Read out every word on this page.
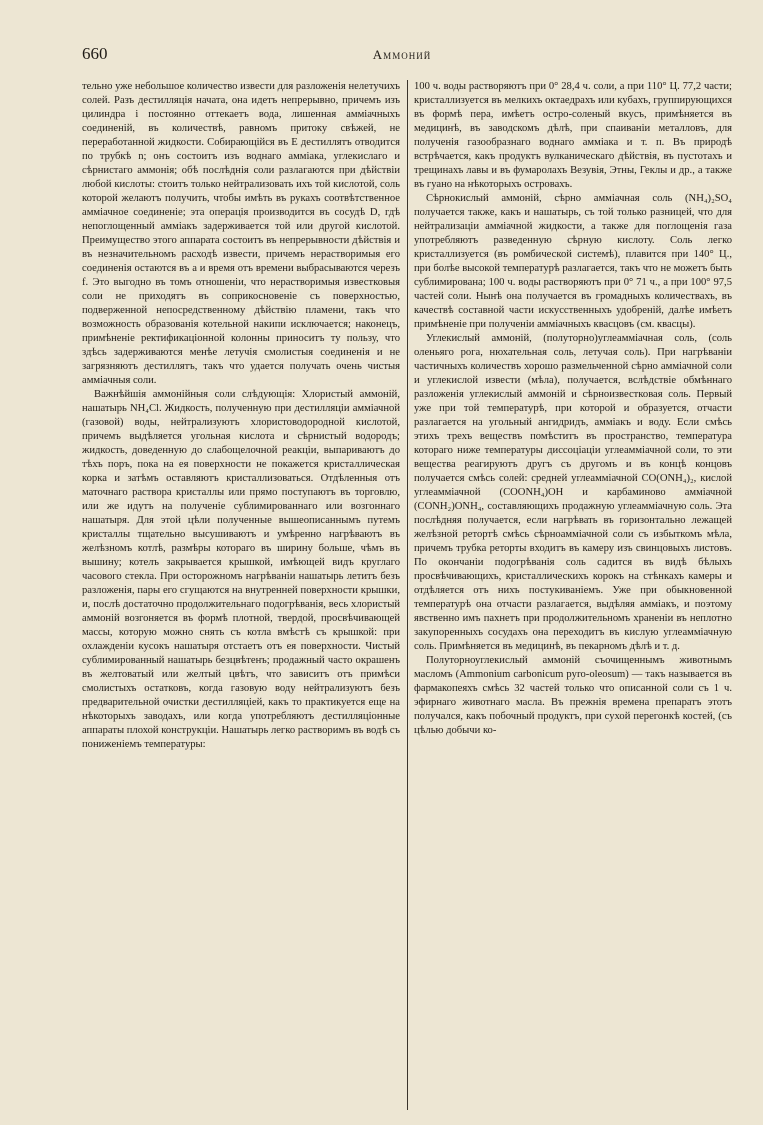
660	Аммоний

тельно уже небольшое количество извести для разложенія нелетучихъ солей. Разъ дестилляція начата, она идетъ непрерывно, причемъ изъ цилиндра і постоянно оттекаетъ вода, лишенная аммiачныхъ соединеній, въ количествѣ, равномъ притоку свѣжей, не переработанной жидкости. Собирающійся въ E дестиллятъ отводится по трубкѣ n; онъ состоитъ изъ воднаго амміака, углекислаго и сѣрнистаго аммонія; обѣ послѣднія соли разлагаются при дѣйствіи любой кислоты: стоитъ только нейтрализовать ихъ той кислотой, соль которой желаютъ получить, чтобы имѣть въ рукахъ соотвѣтственное аммiачное соединеніе; эта операція производится въ сосудѣ D, гдѣ непоглощенный аммiакъ задерживается той или другой кислотой. Преимущество этого аппарата состоитъ въ непрерывности дѣйствія и въ незначительномъ расходѣ извести, причемъ нерастворимыя его соединенія остаются въ a и время отъ времени выбрасываются черезъ f. Это выгодно въ томъ отношеніи, что нерастворимыя известковыя соли не приходятъ въ соприкосновеніе съ поверхностью, подверженной непосредственному дѣйствію пламени, такъ что возможность образованія котельной накипи исключается; наконецъ, примѣненіе ректификаціонной колонны приноситъ ту пользу, что здѣсь задерживаются менѣе летучія смолистыя соединенія и не загрязняютъ дестиллятъ, такъ что удается получать очень чистыя аммiачныя соли.

Важнѣйшія аммонійныя соли слѣдующія: Хлористый аммоній, нашатырь NH₄Cl. Жидкость, полученную при дестилляціи аммiачной (газовой) воды, нейтрализуютъ хлористоводородной кислотой, причемъ выдѣляется угольная кислота и сѣрнистый водородъ; жидкость, доведенную до слабощелочной реакціи, выпариваютъ до тѣхъ поръ, пока на ея поверхности не покажется кристаллическая корка и затѣмъ оставляютъ кристаллизоваться. Отдѣленныя отъ маточнаго раствора кристаллы или прямо поступаютъ въ торговлю, или же идутъ на полученіе сублимированнаго или возгоннаго нашатыря. Для этой цѣли полученные вышеописаннымъ путемъ кристаллы тщательно высушиваютъ и умѣренно нагрѣваютъ въ желѣзномъ котлѣ, размѣры котораго въ ширину больше, чѣмъ въ вышину; котелъ закрывается крышкой, имѣющей видъ круглаго часового стекла. При осторожномъ нагрѣваніи нашатырь летитъ безъ разложенія, пары его сгущаются на внутренней поверхности крышки, и, послѣ достаточно продолжительнаго подогрѣванія, весь хлористый аммоній возгоняется въ формѣ плотной, твердой, просвѣчивающей массы, которую можно снять съ котла вмѣстѣ съ крышкой: при охлажденіи кусокъ нашатыря отстаетъ отъ ея поверхности. Чистый сублимированный нашатырь безцвѣтенъ; продажный часто окрашенъ въ желтоватый или желтый цвѣтъ, что зависитъ отъ примѣси смолистыхъ остатковъ, когда газовую воду нейтрализуютъ безъ предварительной очистки дестилляціей, какъ то практикуется еще на нѣкоторыхъ заводахъ, или когда употребляютъ дестилляціонные аппараты плохой конструкціи. Нашатырь легко растворимъ въ водѣ съ пониженіемъ температуры:

100 ч. воды растворяютъ при 0° 28,4 ч. соли, а при 110° Ц. 77,2 части; кристаллизуется въ мелкихъ октаедрахъ или кубахъ, группирующихся въ формѣ пера, имѣетъ остро-соленый вкусъ, примѣняется въ медицинѣ, въ заводскомъ дѣлѣ, при спаиваніи металловъ, для полученія газообразнаго воднаго амміака и т. п. Въ природѣ встрѣчается, какъ продуктъ вулканическаго дѣйствія, въ пустотахъ и трещинахъ лавы и въ фумаролахъ Везувія, Этны, Геклы и др., а также въ гуано на нѣкоторыхъ островахъ.

Сѣрнокислый аммоній, сѣрно аммiачная соль (NH₄)₂SO₄ получается также, какъ и нашатырь, съ той только разницей, что для нейтрализаціи аммiачной жидкости, а также для поглощенія газа употребляютъ разведенную сѣрную кислоту. Соль легко кристаллизуется (въ ромбической системѣ), плавится при 140° Ц., при болѣе высокой температурѣ разлагается, такъ что не можетъ быть сублимирована; 100 ч. воды растворяютъ при 0° 71 ч., а при 100° 97,5 частей соли. Нынѣ она получается въ громадныхъ количествахъ, въ качествѣ составной части искусственныхъ удобреній, далѣе имѣетъ примѣненіе при полученіи аммiачныхъ квасцовъ (см. квасцы).

Углекислый аммоній, (полуторно)углеаммiачная соль, (соль оленьяго рога, нюхательная соль, летучая соль). При нагрѣваніи частичныхъ количествъ хорошо размельченной сѣрно аммiачной соли и углекислой извести (мѣла), получается, вслѣдствіе обмѣннаго разложенія углекислый аммоній и сѣрноизвестковая соль. Первый уже при той температурѣ, при которой и образуется, отчасти разлагается на угольный ангидридъ, аммiакъ и воду. Если смѣсь этихъ трехъ веществъ помѣститъ въ пространство, температура котораго ниже температуры диссоціаціи углеаммiачной соли, то эти вещества реагируютъ другъ съ другомъ и въ концѣ концовъ получается смѣсь солей: средней углеаммiачной CO(ONH₄)₂, кислой углеаммiачной (COONH₄)OH и карбаминово аммiачной (CONH₂)ONH₄, составляющихъ продажную углеаммiачную соль. Эта послѣдняя получается, если нагрѣвать въ горизонтально лежащей желѣзной ретортѣ смѣсь сѣрноаммiачной соли съ избыткомъ мѣла, причемъ трубка реторты входитъ въ камеру изъ свинцовыхъ листовъ. По окончаніи подогрѣванія соль садится въ видѣ бѣлыхъ просвѣчивающихъ, кристаллическихъ корокъ на стѣнкахъ камеры и отдѣляется отъ нихъ постукиваніемъ. Уже при обыкновенной температурѣ она отчасти разлагается, выдѣляя аммiакъ, и поэтому явственно имъ пахнетъ при продолжительномъ храненіи въ неплотно закупоренныхъ сосудахъ она переходитъ въ кислую углеаммiачную соль. Примѣняется въ медицинѣ, въ пекарномъ дѣлѣ и т. д.

Полуторноуглекислый аммоній съочищеннымъ животнымъ масломъ (Ammonium carbonicum pyro-oleosum) — такъ называется въ фармакопеяхъ смѣсь 32 частей только что описанной соли съ 1 ч. эфирнаго животнаго масла. Въ прежнія времена препаратъ этотъ получался, какъ побочный продуктъ, при сухой перегонкѣ костей, (съ цѣлью добычи ко-
